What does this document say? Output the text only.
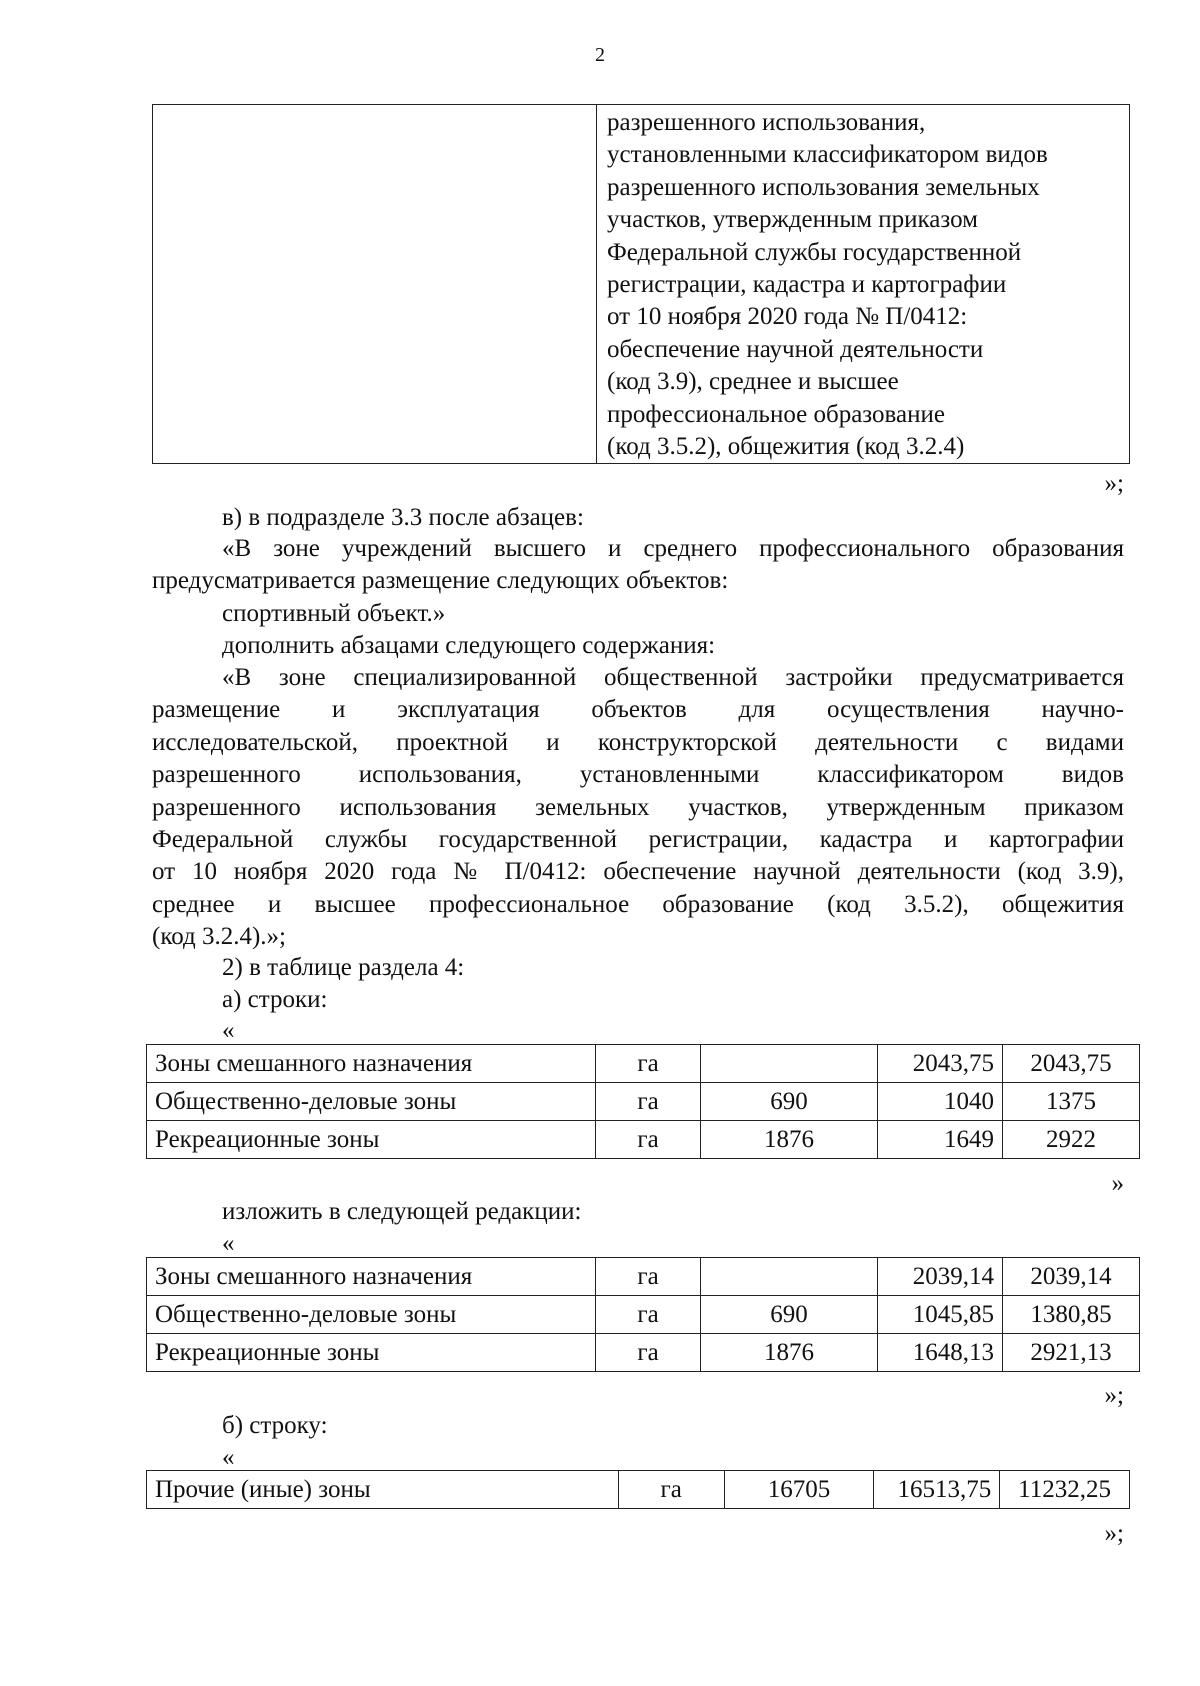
2

разрешенного использования,
установленными классификатором видов
разрешенного использования земельных
участков, утвержденным приказом
Федеральной службы государственной
регистрации, кадастра и картографии
от 10 ноября 2020 года № П/0412:
обеспечение научной деятельности
(код 3.9), среднее и высшее
профессиональное образование
(код 3.5.2), общежития (код 3.2.4)
»;
в) в подразделе 3.3 после абзацев:
«В зоне учреждений высшего и среднего профессионального образования
предусматривается размещение следующих объектов:
спортивный объект.»
дополнить абзацами следующего содержания:
«В зоне специализированной общественной застройки предусматривается
размещение и эксплуатация объектов для осуществления научно-
исследовательской, проектной и конструкторской деятельности с видами
разрешенного использования, установленными классификатором видов
разрешенного использования земельных участков, утвержденным приказом
Федеральной службы государственной регистрации, кадастра и картографии
от 10 ноября 2020 года № П/0412: обеспечение научной деятельности (код 3.9),
среднее и высшее профессиональное образование (код 3.5.2), общежития
(код 3.2.4).»;
2) в таблице раздела 4:
а) строки:
«
Зоны смешанного назначения	га		2043,75	2043,75
Общественно-деловые зоны	га	690	1040	1375
Рекреационные зоны	га	1876	1649	2922
»
изложить в следующей редакции:
«
Зоны смешанного назначения	га		2039,14	2039,14
Общественно-деловые зоны	га	690	1045,85	1380,85
Рекреационные зоны	га	1876	1648,13	2921,13
»;
б) строку:
«
Прочие (иные) зоны	га	16705	16513,75	11232,25
»;
